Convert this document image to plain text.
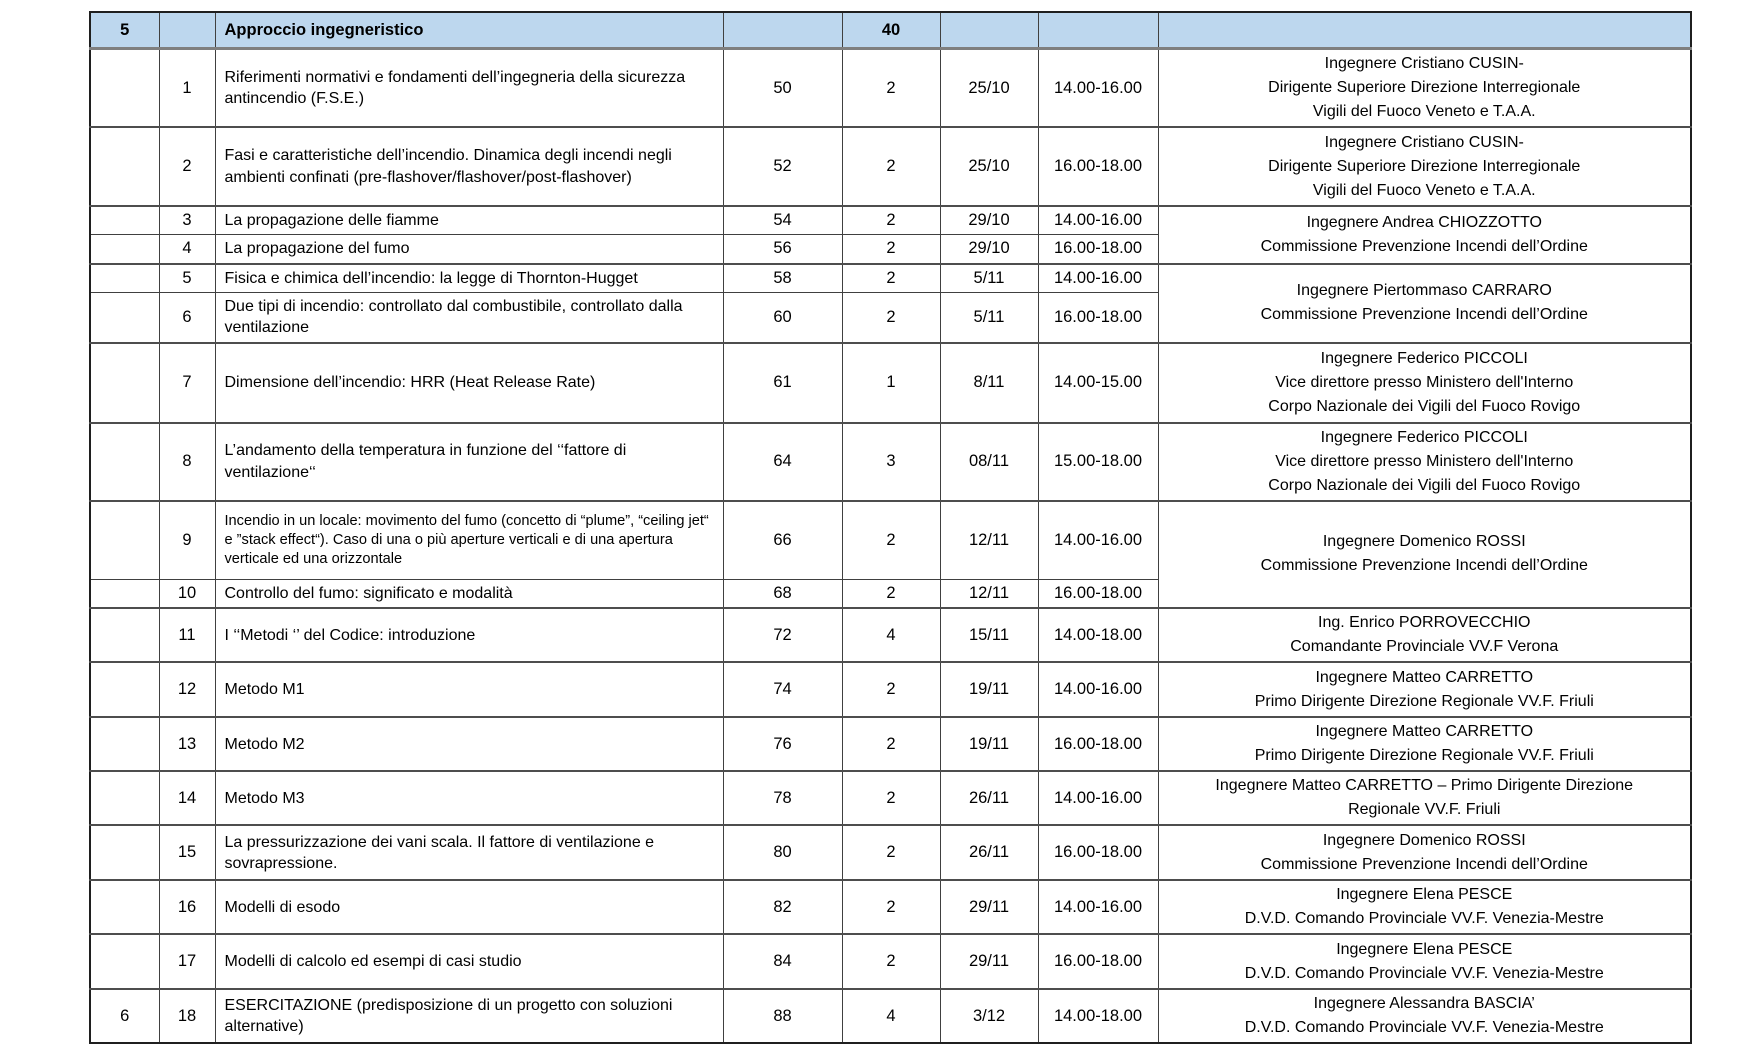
5		Approccio ingegneristico		40			
	1	Riferimenti normativi e fondamenti dell’ingegneria della sicurezza antincendio (F.S.E.)	50	2	25/10	14.00-16.00	Ingegnere Cristiano CUSIN-
Dirigente Superiore Direzione Interregionale
Vigili del Fuoco Veneto e T.A.A.

	2	Fasi e caratteristiche dell’incendio. Dinamica degli incendi negli ambienti confinati (pre-flashover/flashover/post-flashover)	52	2	25/10	16.00-18.00	Ingegnere Cristiano CUSIN-
Dirigente Superiore Direzione Interregionale
Vigili del Fuoco Veneto e T.A.A.

	3	La propagazione delle fiamme	54	2	29/10	14.00-16.00	Ingegnere Andrea CHIOZZOTTO
Commissione Prevenzione Incendi dell’Ordine

	4	La propagazione del fumo	56	2	29/10	16.00-18.00	
	5	Fisica e chimica dell’incendio: la legge di Thornton-Hugget	58	2	5/11	14.00-16.00	Ingegnere Piertommaso CARRARO
Commissione Prevenzione Incendi dell’Ordine

	6	Due tipi di incendio: controllato dal combustibile, controllato dalla ventilazione	60	2	5/11	16.00-18.00	
	7	Dimensione dell’incendio: HRR (Heat Release Rate)	61	1	8/11	14.00-15.00	Ingegnere Federico PICCOLI
Vice direttore presso Ministero dell'Interno
Corpo Nazionale dei Vigili del Fuoco Rovigo

	8	L’andamento della temperatura in funzione del ‘‘fattore di ventilazione‘‘	64	3	08/11	15.00-18.00	Ingegnere Federico PICCOLI
Vice direttore presso Ministero dell'Interno
Corpo Nazionale dei Vigili del Fuoco Rovigo

	9	Incendio in un locale: movimento del fumo (concetto di “plume”, “ceiling jet“ e ”stack effect“). Caso di una o più aperture verticali e di una apertura verticale ed una orizzontale	66	2	12/11	14.00-16.00	Ingegnere Domenico ROSSI
Commissione Prevenzione Incendi dell’Ordine

	10	Controllo del fumo: significato e modalità	68	2	12/11	16.00-18.00	
	11	I ‘‘Metodi ‘’ del Codice: introduzione	72	4	15/11	14.00-18.00	Ing. Enrico PORROVECCHIO
Comandante Provinciale VV.F Verona

	12	Metodo M1	74	2	19/11	14.00-16.00	Ingegnere Matteo CARRETTO
Primo Dirigente Direzione Regionale VV.F. Friuli

	13	Metodo M2	76	2	19/11	16.00-18.00	Ingegnere Matteo CARRETTO
Primo Dirigente Direzione Regionale VV.F. Friuli

	14	Metodo M3	78	2	26/11	14.00-16.00	Ingegnere Matteo CARRETTO – Primo Dirigente Direzione
Regionale VV.F. Friuli

	15	La pressurizzazione dei vani scala. Il fattore di ventilazione e sovrapressione.	80	2	26/11	16.00-18.00	Ingegnere Domenico ROSSI
Commissione Prevenzione Incendi dell’Ordine

	16	Modelli di esodo	82	2	29/11	14.00-16.00	Ingegnere Elena PESCE
D.V.D. Comando Provinciale VV.F. Venezia-Mestre

	17	Modelli di calcolo ed esempi di casi studio	84	2	29/11	16.00-18.00	Ingegnere Elena PESCE
D.V.D. Comando Provinciale VV.F. Venezia-Mestre

6	18	ESERCITAZIONE (predisposizione di un progetto con soluzioni alternative)	88	4	3/12	14.00-18.00	Ingegnere Alessandra BASCIA’
D.V.D. Comando Provinciale VV.F. Venezia-Mestre
